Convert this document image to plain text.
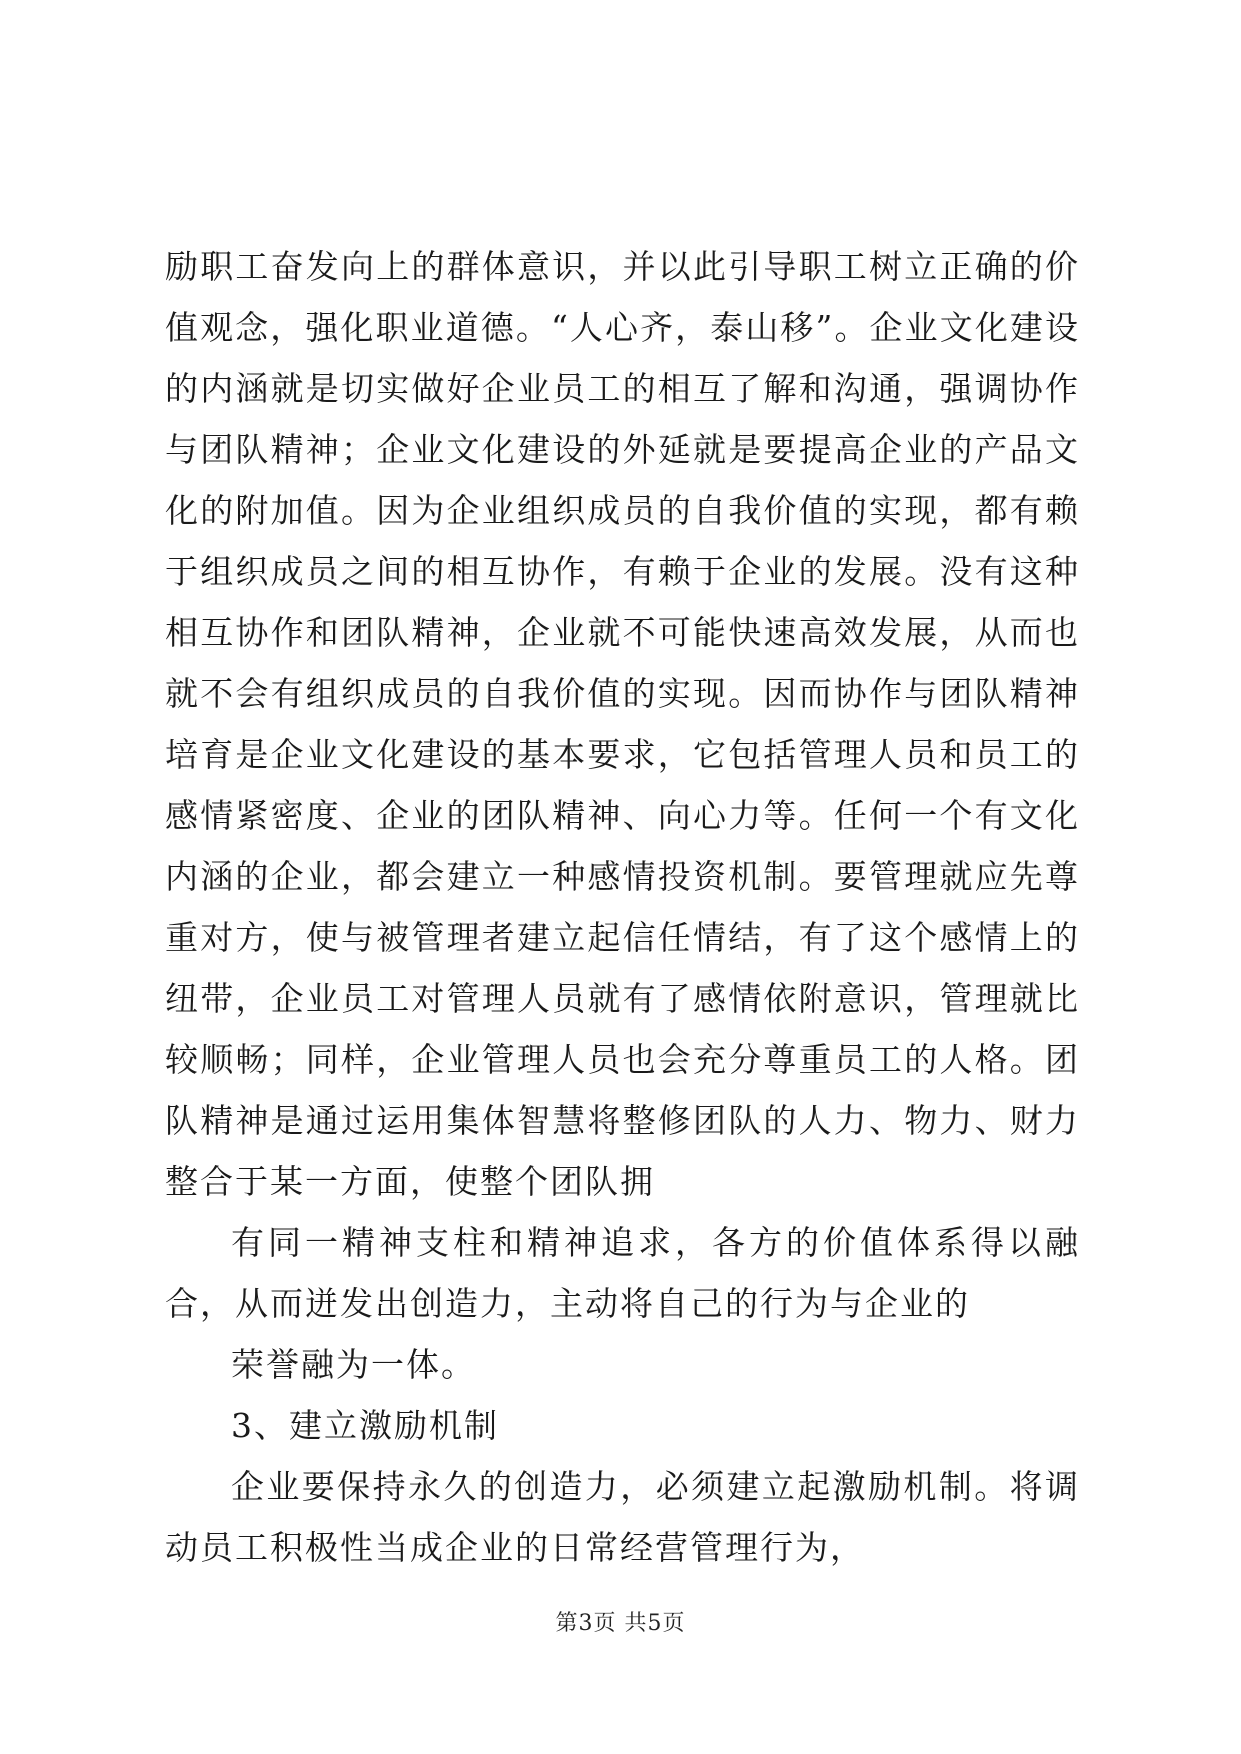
励职工奋发向上的群体意识，并以此引导职工树立正确的价值观念，强化职业道德。“人心齐，泰山移”。企业文化建设的内涵就是切实做好企业员工的相互了解和沟通，强调协作与团队精神；企业文化建设的外延就是要提高企业的产品文化的附加值。因为企业组织成员的自我价值的实现，都有赖于组织成员之间的相互协作，有赖于企业的发展。没有这种相互协作和团队精神，企业就不可能快速高效发展，从而也就不会有组织成员的自我价值的实现。因而协作与团队精神培育是企业文化建设的基本要求，它包括管理人员和员工的感情紧密度、企业的团队精神、向心力等。任何一个有文化内涵的企业，都会建立一种感情投资机制。要管理就应先尊重对方，使与被管理者建立起信任情结，有了这个感情上的纽带，企业员工对管理人员就有了感情依附意识，管理就比较顺畅；同样，企业管理人员也会充分尊重员工的人格。团队精神是通过运用集体智慧将整修团队的人力、物力、财力整合于某一方面，使整个团队拥

有同一精神支柱和精神追求，各方的价值体系得以融合，从而迸发出创造力，主动将自己的行为与企业的

荣誉融为一体。

3、建立激励机制

企业要保持永久的创造力，必须建立起激励机制。将调动员工积极性当成企业的日常经营管理行为，

第3页 共5页
